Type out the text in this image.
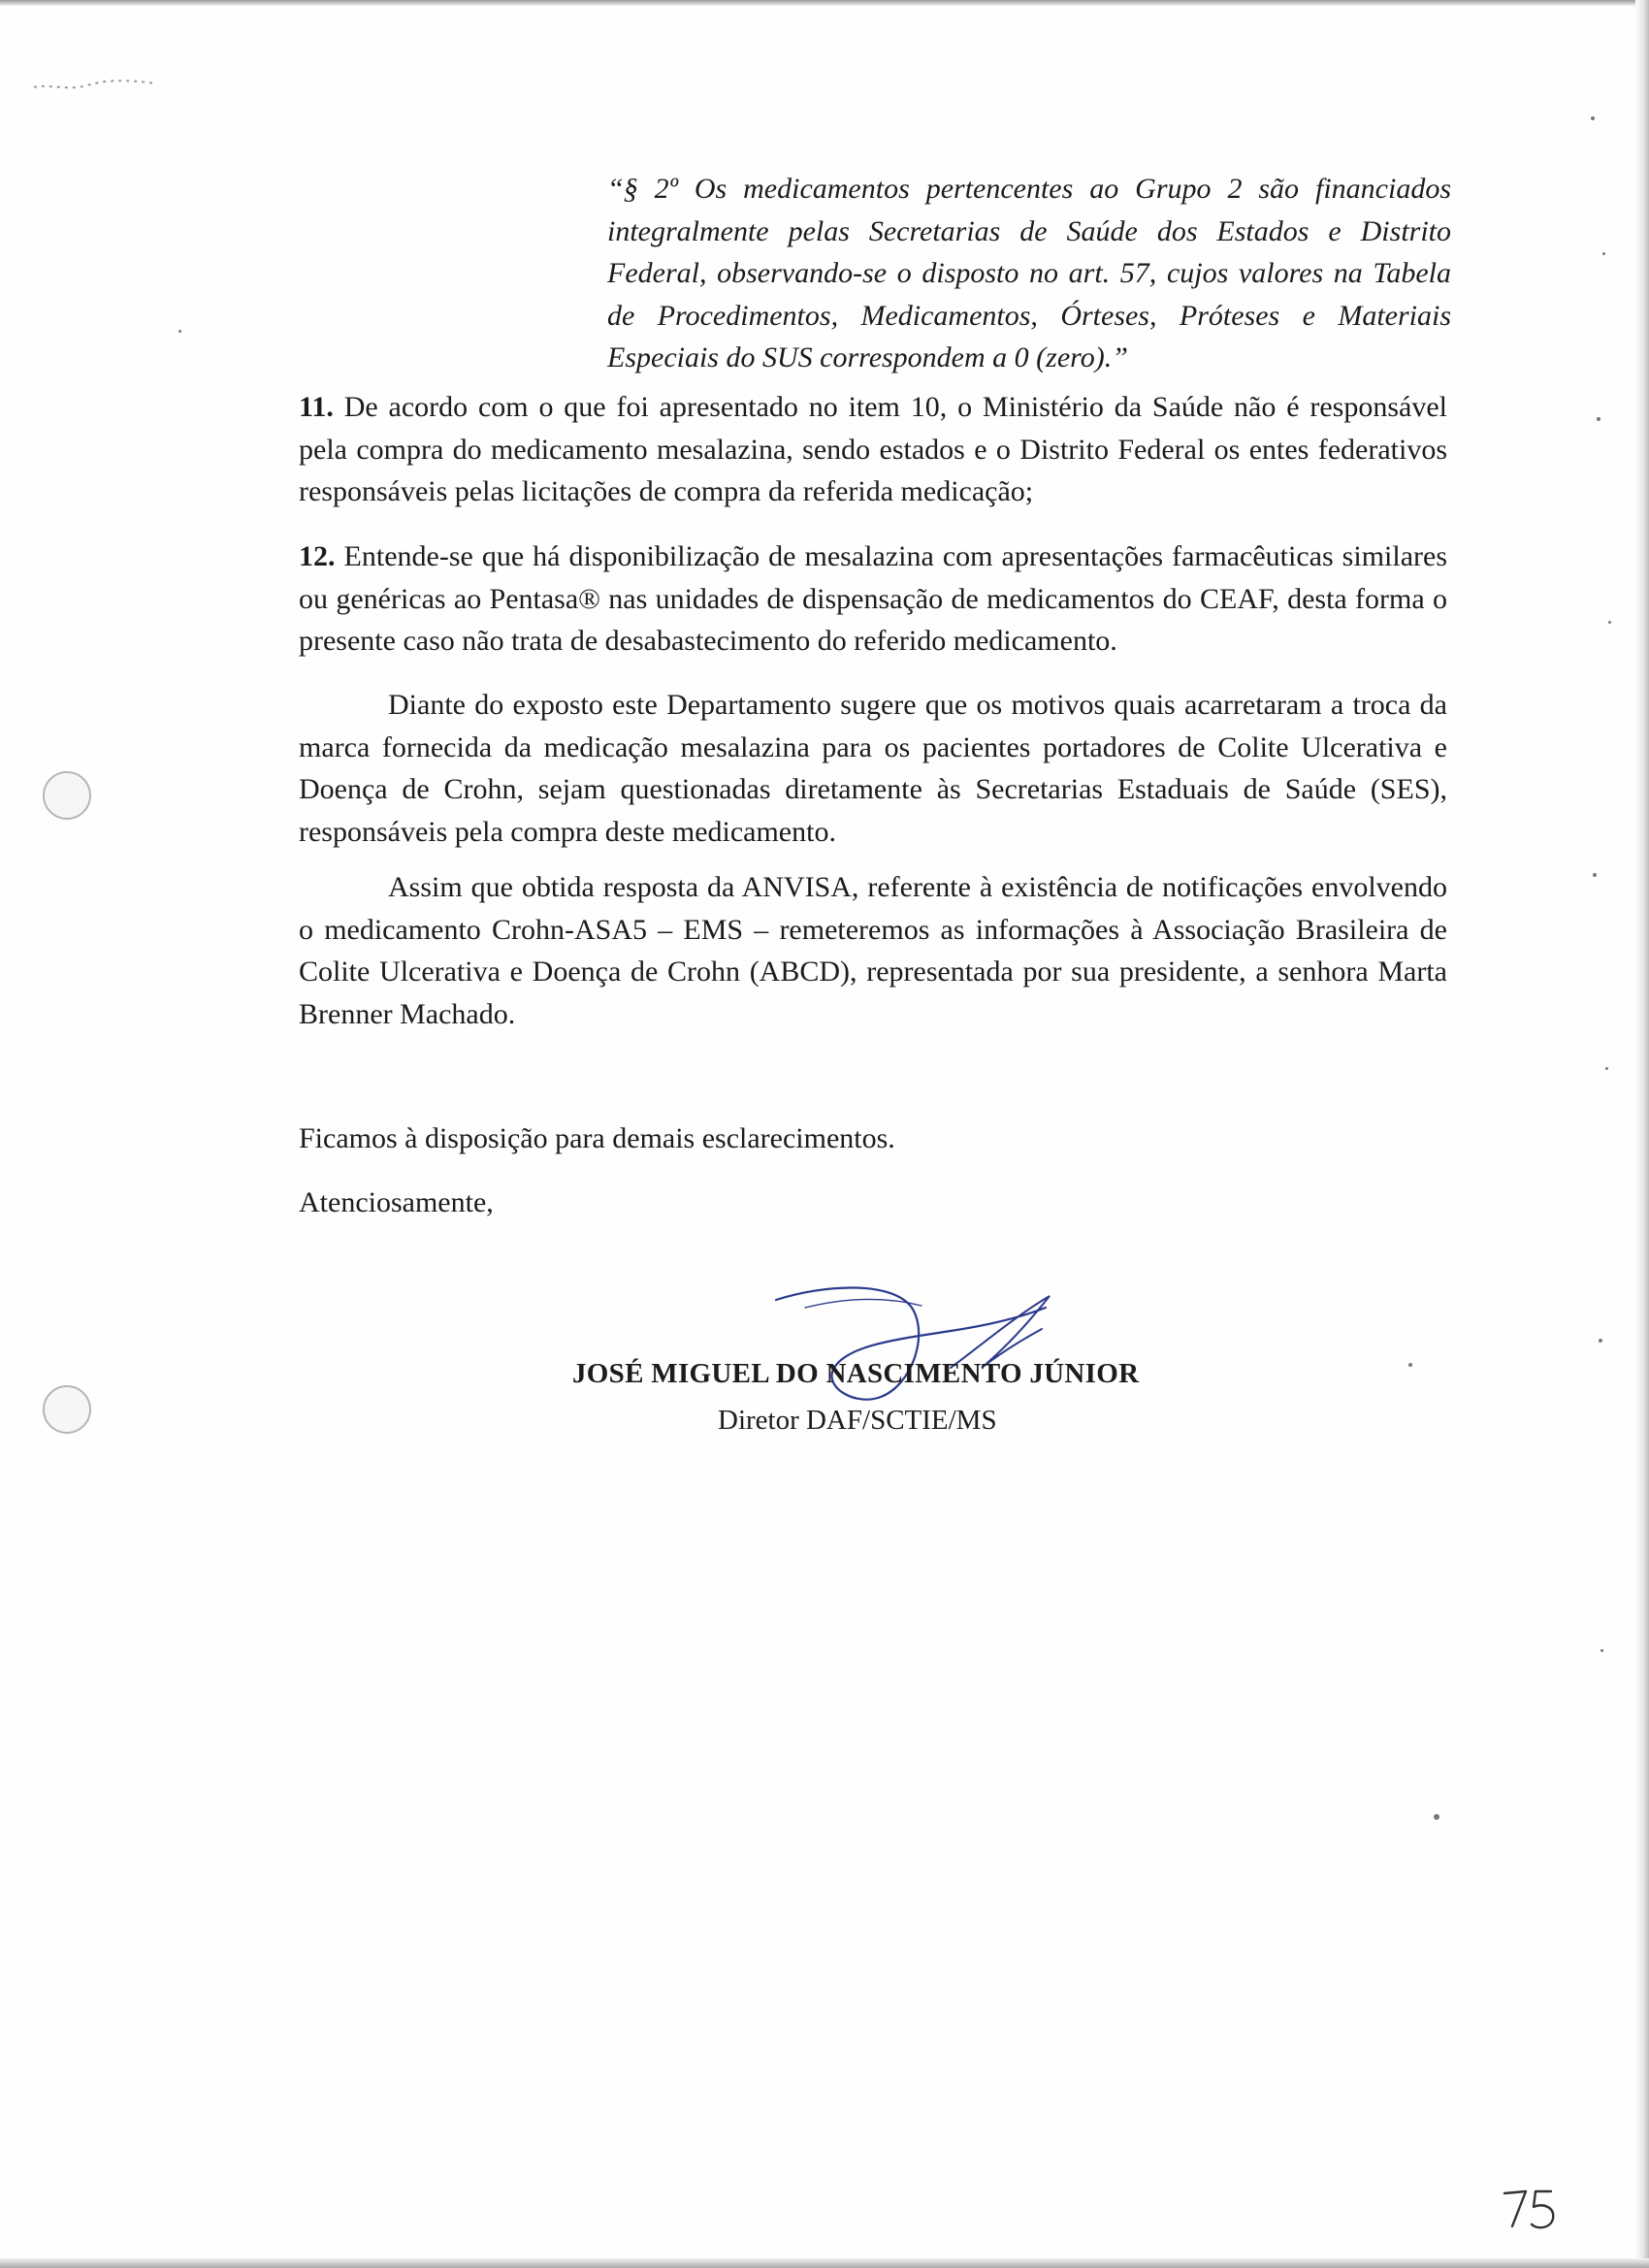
“§ 2º Os medicamentos pertencentes ao Grupo 2 são financiados integralmente pelas Secretarias de Saúde dos Estados e Distrito Federal, observando-se o disposto no art. 57, cujos valores na Tabela de Procedimentos, Medicamentos, Órteses, Próteses e Materiais Especiais do SUS correspondem a 0 (zero).”
11. De acordo com o que foi apresentado no item 10, o Ministério da Saúde não é responsável pela compra do medicamento mesalazina, sendo estados e o Distrito Federal os entes federativos responsáveis pelas licitações de compra da referida medicação;
12. Entende-se que há disponibilização de mesalazina com apresentações farmacêuticas similares ou genéricas ao Pentasa® nas unidades de dispensação de medicamentos do CEAF, desta forma o presente caso não trata de desabastecimento do referido medicamento.
Diante do exposto este Departamento sugere que os motivos quais acarretaram a troca da marca fornecida da medicação mesalazina para os pacientes portadores de Colite Ulcerativa e Doença de Crohn, sejam questionadas diretamente às Secretarias Estaduais de Saúde (SES), responsáveis pela compra deste medicamento.
Assim que obtida resposta da ANVISA, referente à existência de notificações envolvendo o medicamento Crohn-ASA5 – EMS – remeteremos as informações à Associação Brasileira de Colite Ulcerativa e Doença de Crohn (ABCD), representada por sua presidente, a senhora Marta Brenner Machado.
Ficamos à disposição para demais esclarecimentos.
Atenciosamente,
JOSÉ MIGUEL DO NASCIMENTO JÚNIOR
Diretor DAF/SCTIE/MS
